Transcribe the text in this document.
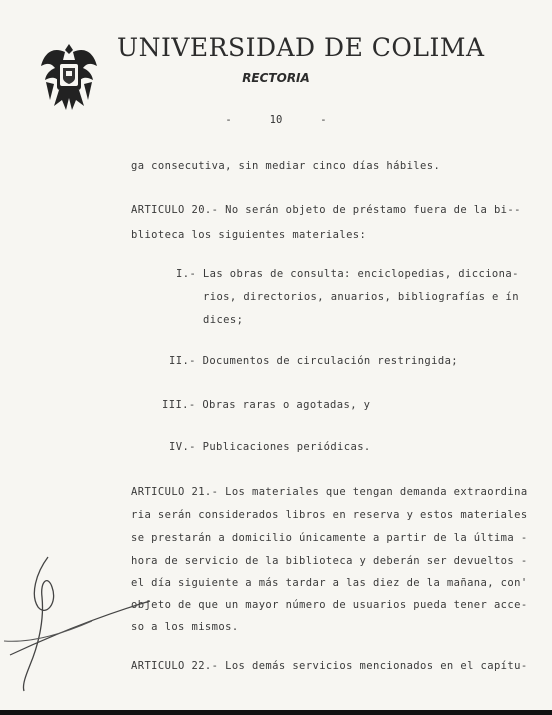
UNIVERSIDAD DE COLIMA
RECTORIA
-      10      -
ga consecutiva, sin mediar cinco días hábiles.
ARTICULO 20.- No serán objeto de préstamo fuera de la bi--
blioteca los siguientes materiales:
I.- Las obras de consulta: enciclopedias, dicciona-
rios, directorios, anuarios, bibliografías e ín
dices;
II.- Documentos de circulación restringida;
III.- Obras raras o agotadas, y
IV.- Publicaciones periódicas.
ARTICULO 21.- Los materiales que tengan demanda extraordina
ria serán considerados libros en reserva y estos materiales
se prestarán a domicilio únicamente a partir de la última -
hora de servicio de la biblioteca y deberán ser devueltos -
el día siguiente a más tardar a las diez de la mañana, con'
objeto de que un mayor número de usuarios pueda tener acce-
so a los mismos.
ARTICULO 22.- Los demás servicios mencionados en el capítu-
